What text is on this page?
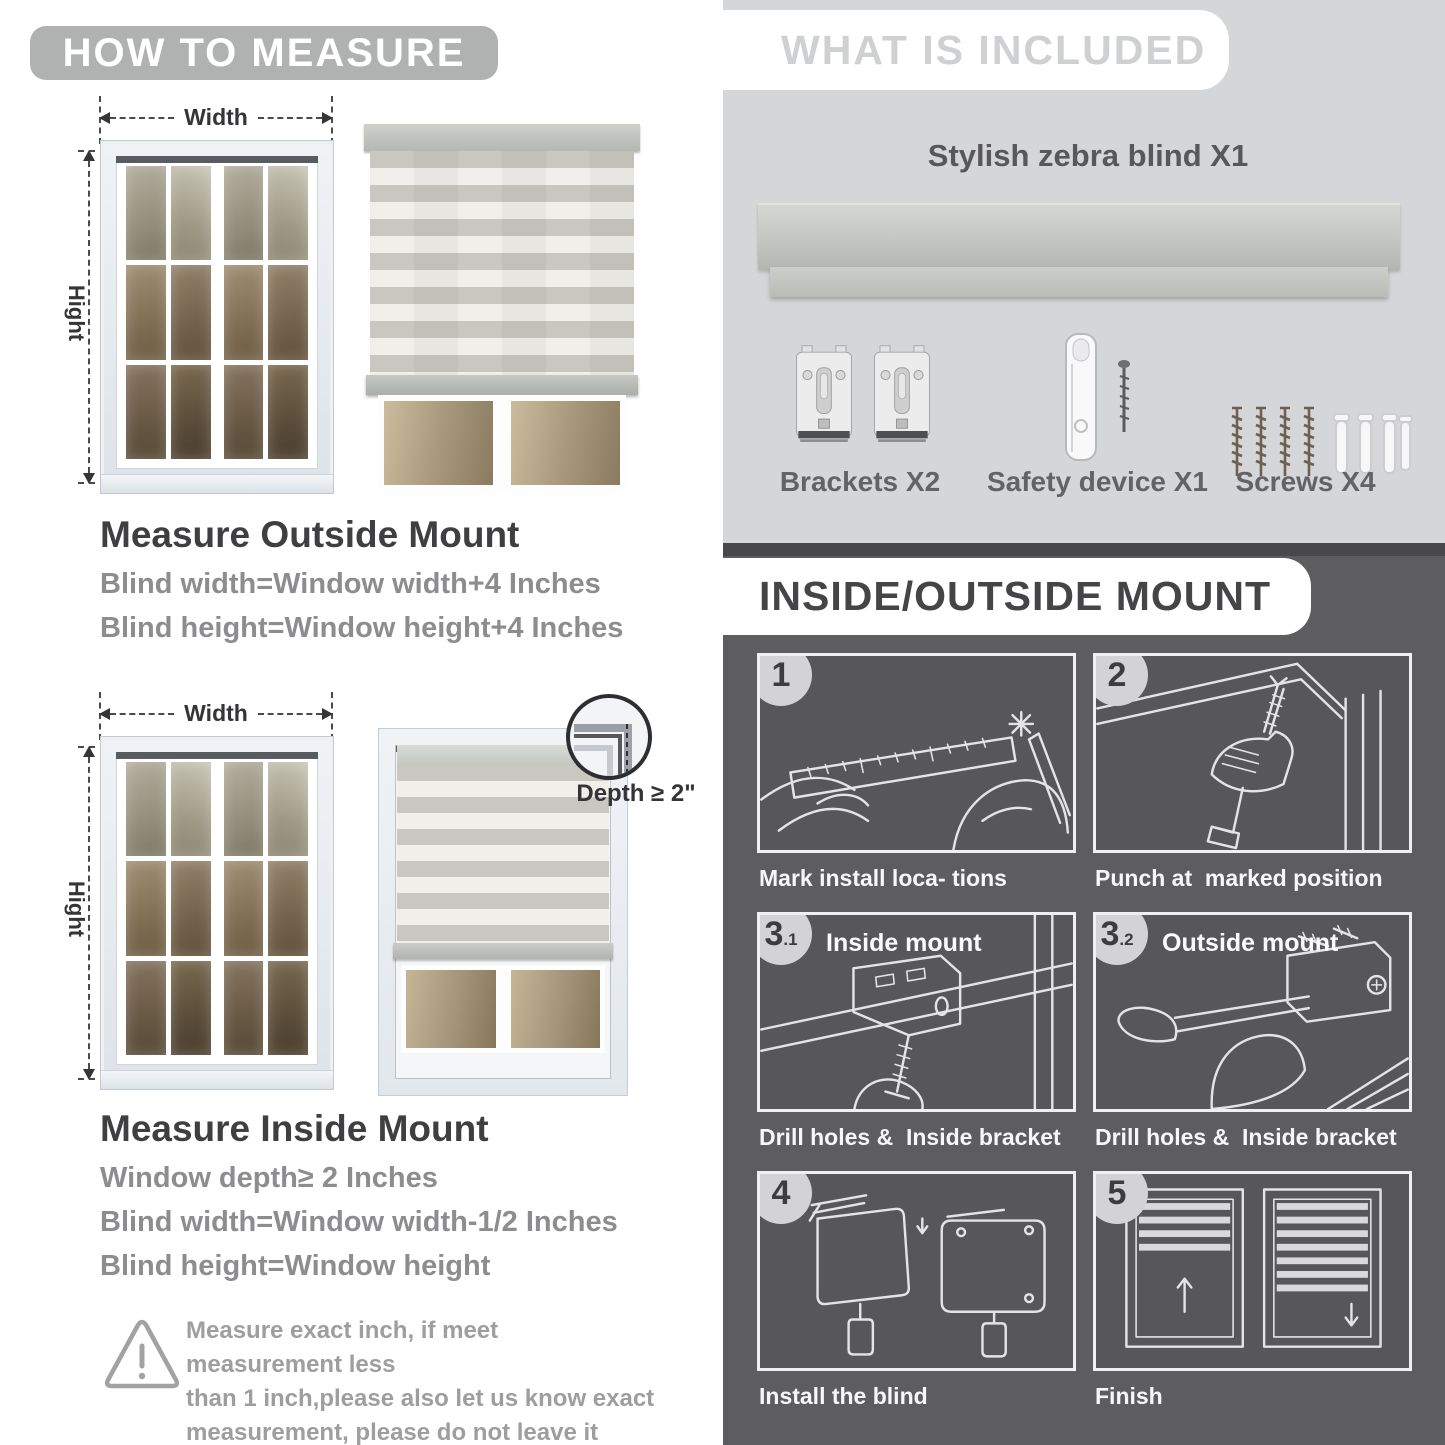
HOW TO MEASURE
Width
Hight
Measure Outside Mount
Blind width=Window width+4 Inches
Blind height=Window height+4 Inches
Width
Hight
Depth ≥ 2"
Measure Inside Mount
Window depth≥ 2 Inches
Blind width=Window width-1/2 Inches
Blind height=Window height
Measure exact inch, if meet measurement less
than 1 inch,please also let us know exact
measurement, please do not leave it
WHAT IS INCLUDED
Stylish zebra blind X1
Brackets X2 Safety device X1 Screws X4
INSIDE/OUTSIDE MOUNT
1
Mark install loca- tions
2
Punch at  marked position
3 .1 Inside mount
Drill holes &  Inside bracket
3 .2 Outside mount
Drill holes &  Inside bracket
4
Install the blind
5
Finish
